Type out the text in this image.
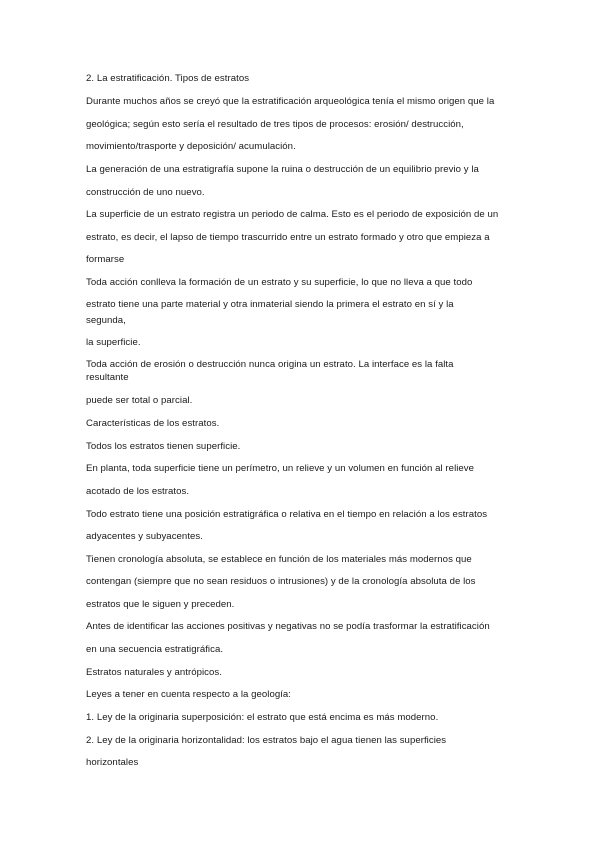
2. La estratificación. Tipos de estratos
Durante muchos años se creyó que la estratificación arqueológica tenía el mismo origen que la
geológica; según esto sería el resultado de tres tipos de procesos: erosión/ destrucción,
movimiento/trasporte y deposición/ acumulación.
La generación de una estratigrafía supone la ruina o destrucción de un equilibrio previo y la
construcción de uno nuevo.
La superficie de un estrato registra un periodo de calma. Esto es el periodo de exposición de un
estrato, es decir, el lapso de tiempo trascurrido entre un estrato formado y otro que empieza a
formarse
Toda acción conlleva la formación de un estrato y su superficie, lo que no lleva a que todo
estrato tiene una parte material y otra inmaterial siendo la primera el estrato en sí y la
segunda,
la superficie.
Toda acción de erosión o destrucción nunca origina un estrato. La interface es la falta
resultante
puede ser total o parcial.
Características de los estratos.
Todos los estratos tienen superficie.
En planta, toda superficie tiene un perímetro, un relieve y un volumen en función al relieve
acotado de los estratos.
Todo estrato tiene una posición estratigráfica o relativa en el tiempo en relación a los estratos
adyacentes y subyacentes.
Tienen cronología absoluta, se establece en función de los materiales más modernos que
contengan (siempre que no sean residuos o intrusiones) y de la cronología absoluta de los
estratos que le siguen y preceden.
Antes de identificar las acciones positivas y negativas no se podía trasformar la estratificación
en una secuencia estratigráfica.
Estratos naturales y antrópicos.
Leyes a tener en cuenta respecto a la geología:
1. Ley de la originaria superposición: el estrato que está encima es más moderno.
2. Ley de la originaria horizontalidad: los estratos bajo el agua tienen las superficies
horizontales
